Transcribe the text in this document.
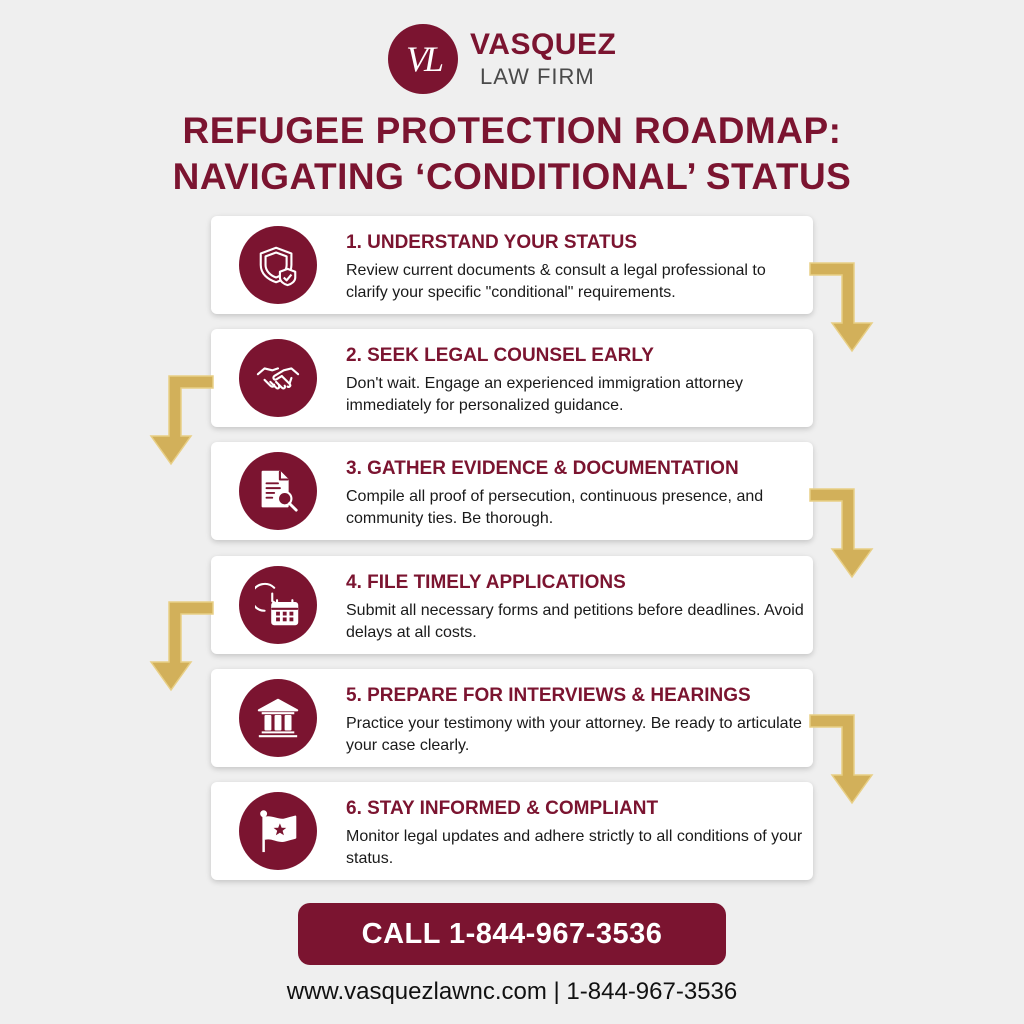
VL	VASQUEZ
LAW FIRM
REFUGEE PROTECTION ROADMAP:
NAVIGATING ‘CONDITIONAL’ STATUS
1. UNDERSTAND YOUR STATUS
Review current documents & consult a legal professional to clarify your specific "conditional" requirements.
2. SEEK LEGAL COUNSEL EARLY
Don't wait. Engage an experienced immigration attorney immediately for personalized guidance.
3. GATHER EVIDENCE & DOCUMENTATION
Compile all proof of persecution, continuous presence, and community ties. Be thorough.
4. FILE TIMELY APPLICATIONS
Submit all necessary forms and petitions before deadlines. Avoid delays at all costs.
5. PREPARE FOR INTERVIEWS & HEARINGS
Practice your testimony with your attorney. Be ready to articulate your case clearly.
6. STAY INFORMED & COMPLIANT
Monitor legal updates and adhere strictly to all conditions of your status.
CALL 1-844-967-3536
www.vasquezlawnc.com | 1-844-967-3536
